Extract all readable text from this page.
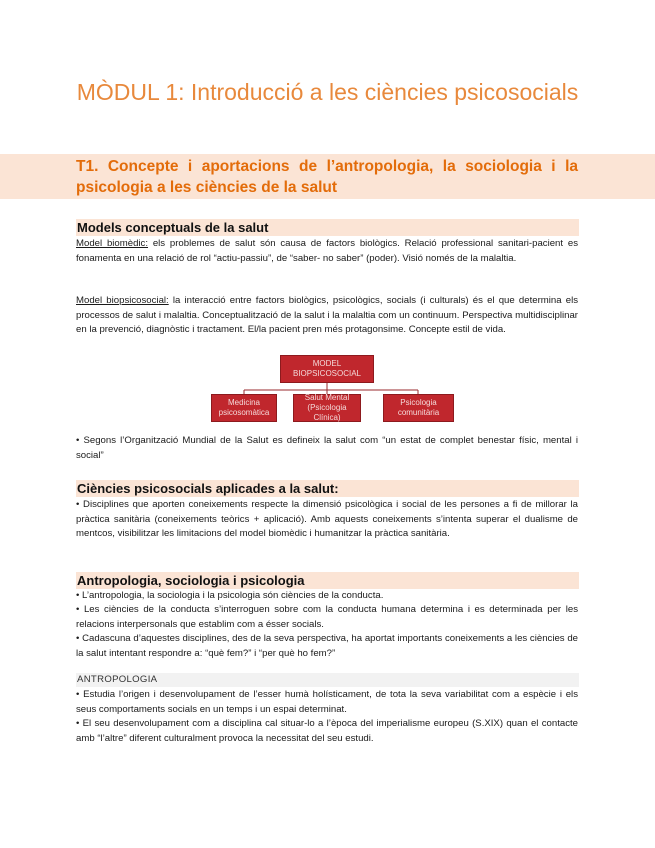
MÒDUL 1: Introducció a les ciències psicosocials
T1. Concepte i aportacions de l’antropologia, la sociologia i la psicologia a les ciències de la salut
Models conceptuals de la salut

Model biomèdic: els problemes de salut són causa de factors biològics. Relació professional sanitari-pacient es fonamenta en una relació de rol “actiu-passiu”, de “saber- no saber” (poder). Visió només de la malaltia.

Model biopsicosocial: la interacció entre factors biològics, psicològics, socials (i culturals) és el que determina els processos de salut i malaltia. Conceptualització de la salut i la malaltia com un continuum. Perspectiva multidisciplinar en la prevenció, diagnòstic i tractament. El/la pacient pren més protagonsime. Concepte estil de vida.

MODEL BIOPSICOSOCIAL
Medicina psicosomàtica
Salut Mental (Psicologia Clínica)
Psicologia comunitària

• Segons l’Organització Mundial de la Salut es defineix la salut com “un estat de complet benestar físic, mental i social”

Ciències psicosocials aplicades a la salut:

• Disciplines que aporten coneixements respecte la dimensió psicològica i social de les persones a fi de millorar la pràctica sanitària (coneixements teòrics + aplicació). Amb aquests coneixements s’intenta superar el dualisme de mentcos, visibilitzar les limitacions del model biomèdic i humanitzar la pràctica sanitària.

Antropologia, sociologia i psicologia

• L’antropologia, la sociologia i la psicologia són ciències de la conducta.

• Les ciències de la conducta s’interroguen sobre com la conducta humana determina i es determinada per les relacions interpersonals que establim com a ésser socials.

• Cadascuna d’aquestes disciplines, des de la seva perspectiva, ha aportat importants coneixements a les ciències de la salut intentant respondre a: “què fem?” i “per què ho fem?”

ANTROPOLOGIA

• Estudia l’origen i desenvolupament de l’esser humà holísticament, de tota la seva variabilitat com a espècie i els seus comportaments socials en un temps i un espai determinat.

• El seu desenvolupament com a disciplina cal situar-lo a l’època del imperialisme europeu (S.XIX) quan el contacte amb “l’altre” diferent culturalment provoca la necessitat del seu estudi.
